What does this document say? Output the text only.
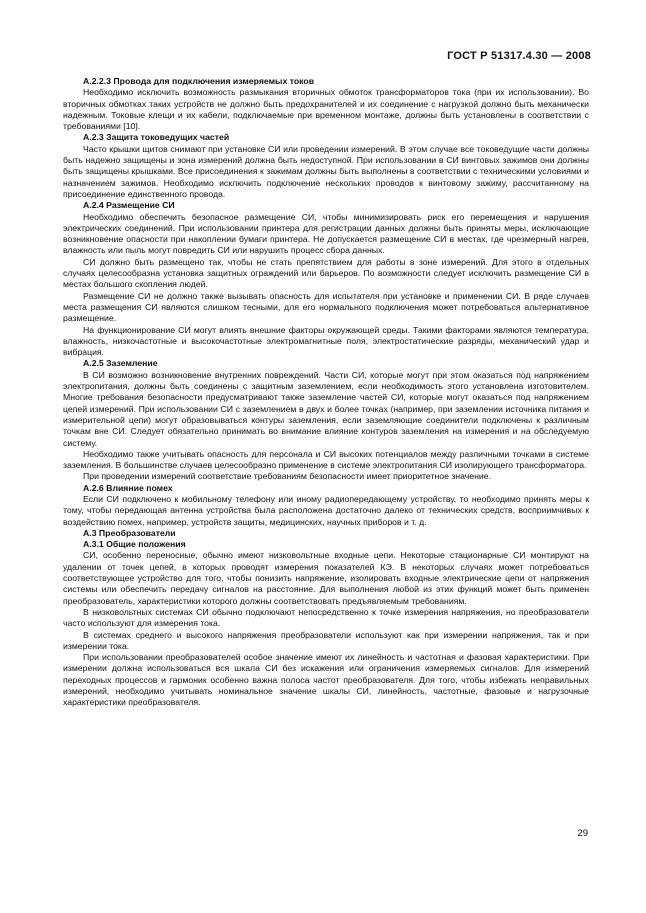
ГОСТ Р 51317.4.30 — 2008
А.2.2.3 Провода для подключения измеряемых токов

Необходимо исключить возможность размыкания вторичных обмоток трансформаторов тока (при их использовании). Во вторичных обмотках таких устройств не должно быть предохранителей и их соединение с нагрузкой должно быть механически надежным. Токовые клещи и их кабели, подключаемые при временном монтаже, должны быть установлены в соответствии с требованиями [10].

А.2.3 Защита токоведущих частей

Часто крышки щитов снимают при установке СИ или проведении измерений. В этом случае все токоведущие части должны быть надежно защищены и зона измерений должна быть недоступной. При использовании в СИ винтовых зажимов они должны быть защищены крышками. Все присоединения к зажимам должны быть выполнены в соответствии с техническими условиями и назначением зажимов. Необходимо исключить подключение нескольких проводов к винтовому зажиму, рассчитанному на присоединение единственного провода.

А.2.4 Размещение СИ

Необходимо обеспечить безопасное размещение СИ, чтобы минимизировать риск его перемещения и нарушения электрических соединений. При использовании принтера для регистрации данных должны быть приняты меры, исключающие возникновение опасности при накоплении бумаги принтера. Не допускается размещение СИ в местах, где чрезмерный нагрев, влажность или пыль могут повредить СИ или нарушить процесс сбора данных.

СИ должно быть размещено так, чтобы не стать препятствием для работы в зоне измерений. Для этого в отдельных случаях целесообразна установка защитных ограждений или барьеров. По возможности следует исключить размещение СИ в местах большого скопления людей.

Размещение СИ не должно также вызывать опасность для испытателя при установке и применении СИ. В ряде случаев места размещения СИ являются слишком тесными, для его нормального подключения может потребоваться альтернативное размещение.

На функционирование СИ могут влиять внешние факторы окружающей среды. Такими факторами являются температура, влажность, низкочастотные и высокочастотные электромагнитные поля, электростатические разряды, механический удар и вибрация.

А.2.5 Заземление

В СИ возможно возникновение внутренних повреждений. Части СИ, которые могут при этом оказаться под напряжением электропитания, должны быть соединены с защитным заземлением, если необходимость этого установлена изготовителем. Многие требования безопасности предусматривают также заземление частей СИ, которые могут оказаться под напряжением цепей измерений. При использовании СИ с заземлением в двух и более точках (например, при заземлении источника питания и измерительной цепи) могут образовываться контуры заземления, если заземляющие соединители подключены к различным точкам вне СИ. Следует обязательно принимать во внимание влияние контуров заземления на измерения и на обследуемую систему.

Необходимо также учитывать опасность для персонала и СИ высоких потенциалов между различными точками в системе заземления. В большинстве случаев целесообразно применение в системе электропитания СИ изолирующего трансформатора.

При проведении измерений соответствие требованиям безопасности имеет приоритетное значение.

А.2.6 Влияние помех

Если СИ подключено к мобильному телефону или иному радиопередающему устройству, то необходимо принять меры к тому, чтобы передающая антенна устройства была расположена достаточно далеко от технических средств, восприимчивых к воздействию помех, например, устройств защиты, медицинских, научных приборов и т. д.

А.3 Преобразователи
А.3.1 Общие положения

СИ, особенно переносные, обычно имеют низковольтные входные цепи. Некоторые стационарные СИ монтируют на удалении от точек цепей, в которых проводят измерения показателей КЭ. В некоторых случаях может потребоваться соответствующее устройство для того, чтобы понизить напряжение, изолировать входные электрические цепи от напряжения системы или обеспечить передачу сигналов на расстояние. Для выполнения любой из этих функций может быть применен преобразователь, характеристики которого должны соответствовать предъявляемым требованиям.

В низковольтных системах СИ обычно подключают непосредственно к точке измерения напряжения, но преобразователи часто используют для измерения тока.

В системах среднего и высокого напряжения преобразователи используют как при измерении напряжения, так и при измерении тока.

При использовании преобразователей особое значение имеют их линейность и частотная и фазовая характеристики. При измерении должна использоваться вся шкала СИ без искажения или ограничения измеряемых сигналов. Для измерений переходных процессов и гармоник особенно важна полоса частот преобразователя. Для того, чтобы избежать неправильных измерений, необходимо учитывать номинальное значение шкалы СИ, линейность, частотные, фазовые и нагрузочные характеристики преобразователя.

29
